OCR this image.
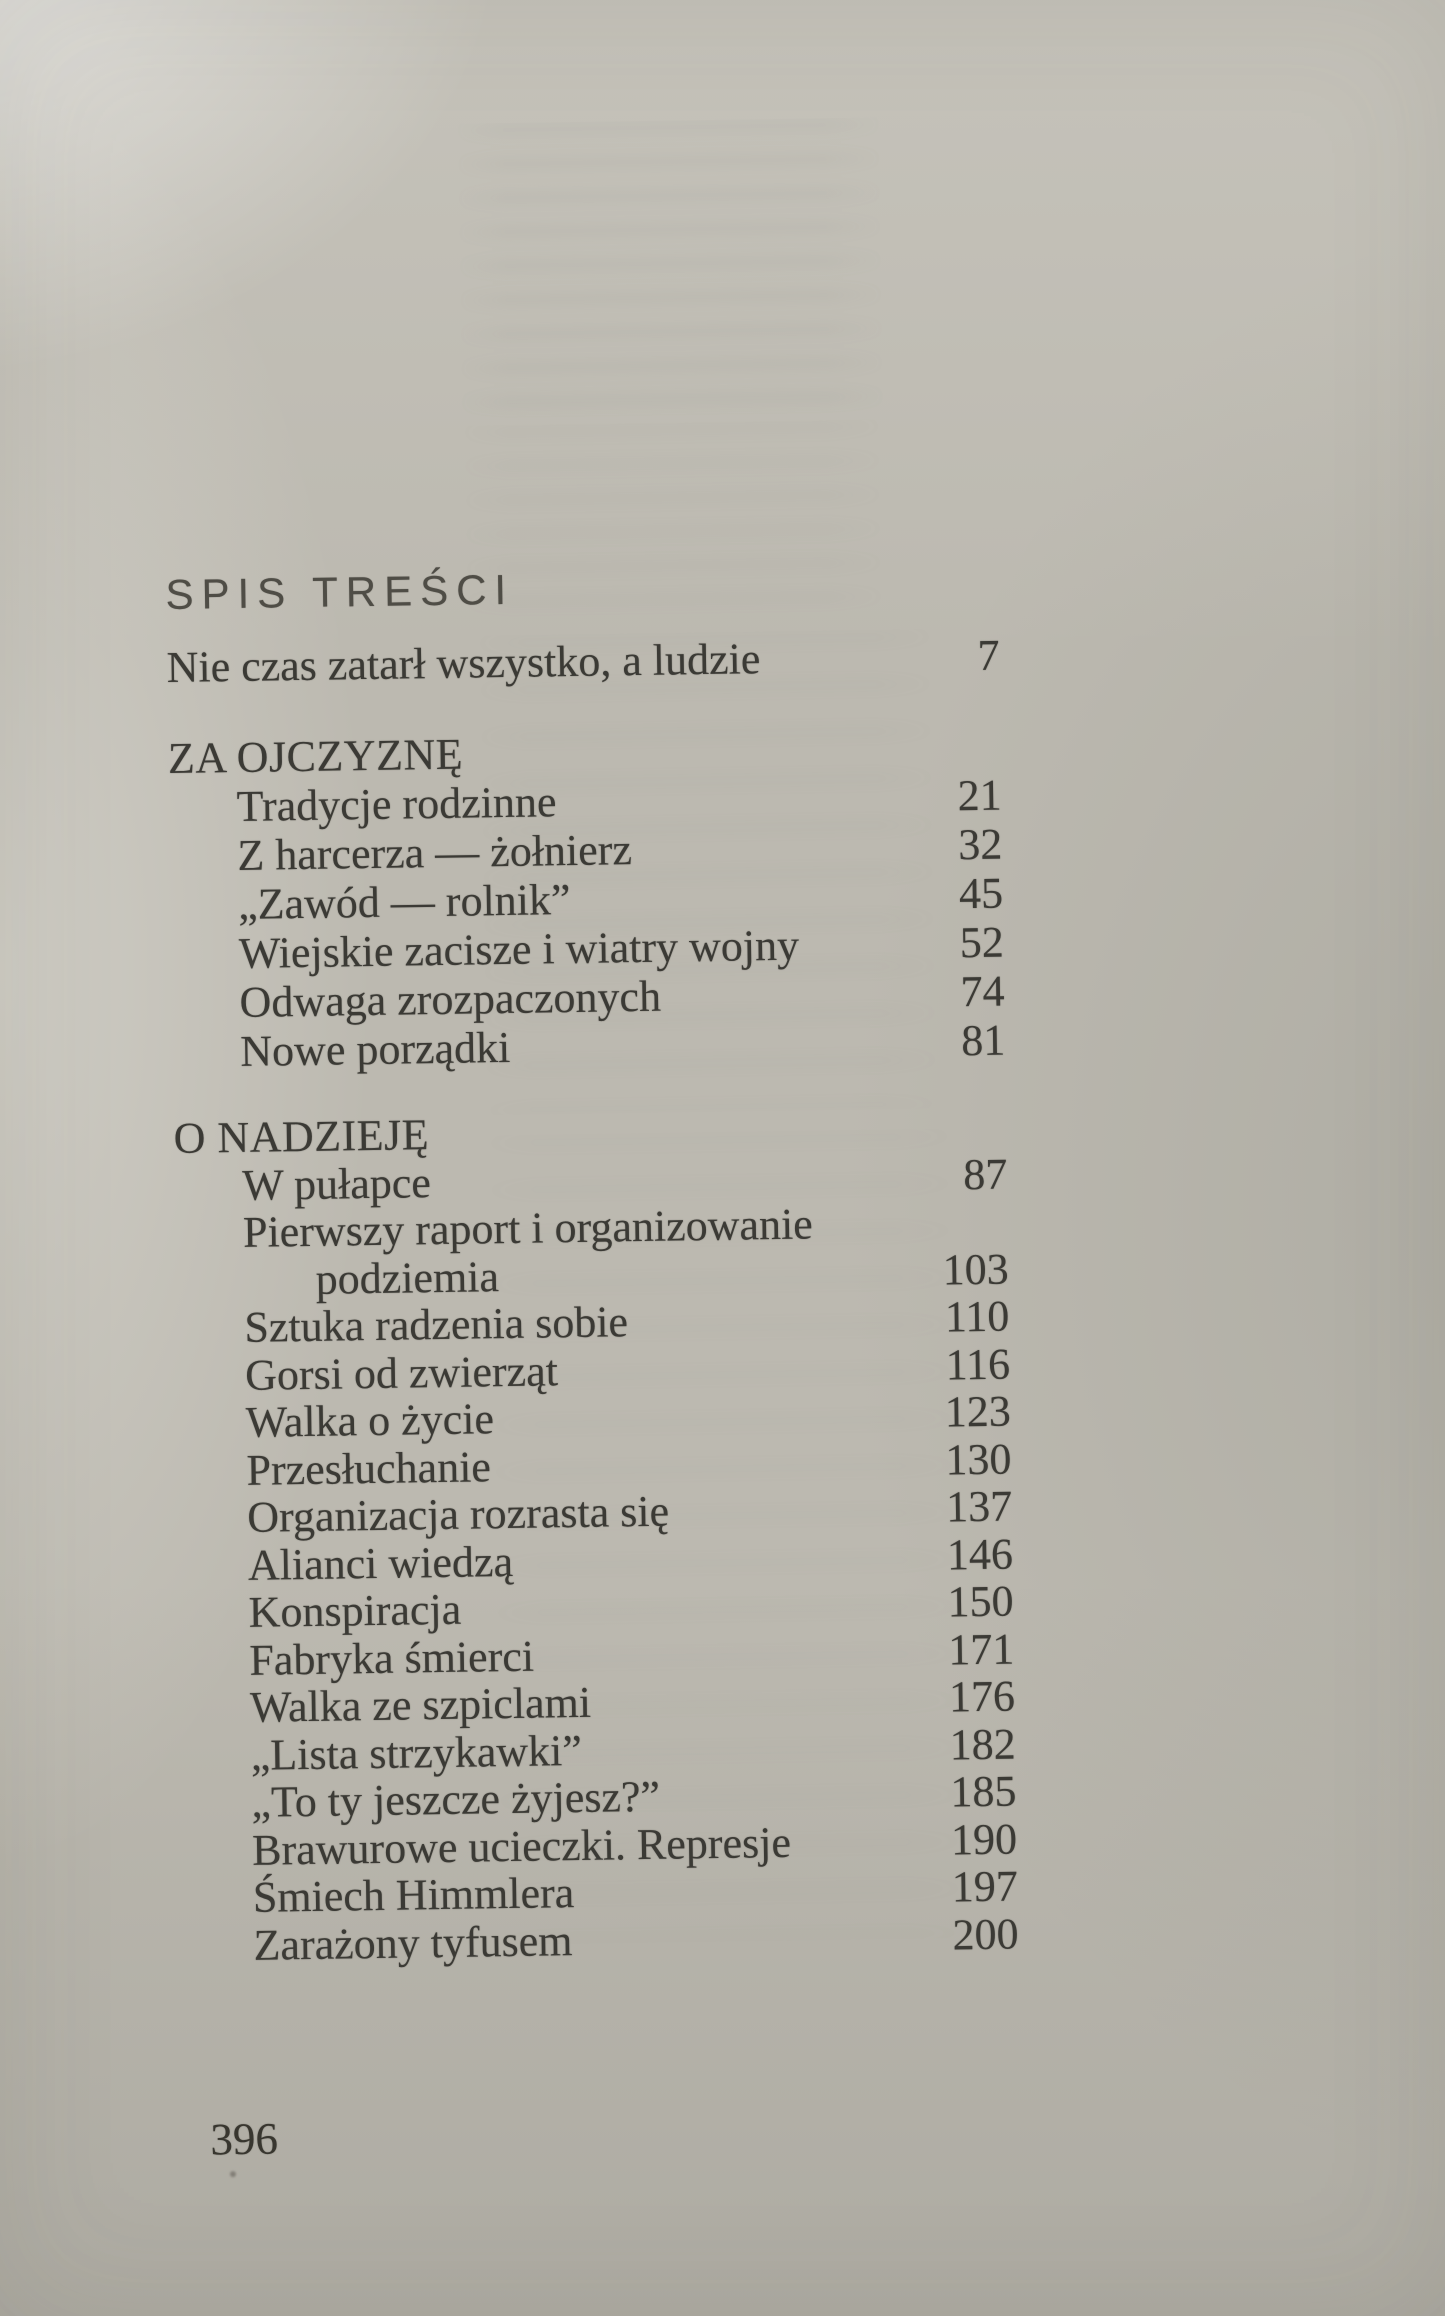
SPIS TREŚCI
Nie czas zatarł wszystko, a ludzie	7
ZA OJCZYZNĘ
Tradycje rodzinne	21
Z harcerza — żołnierz	32
„Zawód — rolnik”	45
Wiejskie zacisze i wiatry wojny	52
Odwaga zrozpaczonych	74
Nowe porządki	81
O NADZIEJĘ
W pułapce	87
Pierwszy raport i organizowanie
podziemia	103
Sztuka radzenia sobie	110
Gorsi od zwierząt	116
Walka o życie	123
Przesłuchanie	130
Organizacja rozrasta się	137
Alianci wiedzą	146
Konspiracja	150
Fabryka śmierci	171
Walka ze szpiclami	176
„Lista strzykawki”	182
„To ty jeszcze żyjesz?”	185
Brawurowe ucieczki. Represje	190
Śmiech Himmlera	197
Zarażony tyfusem	200
396
